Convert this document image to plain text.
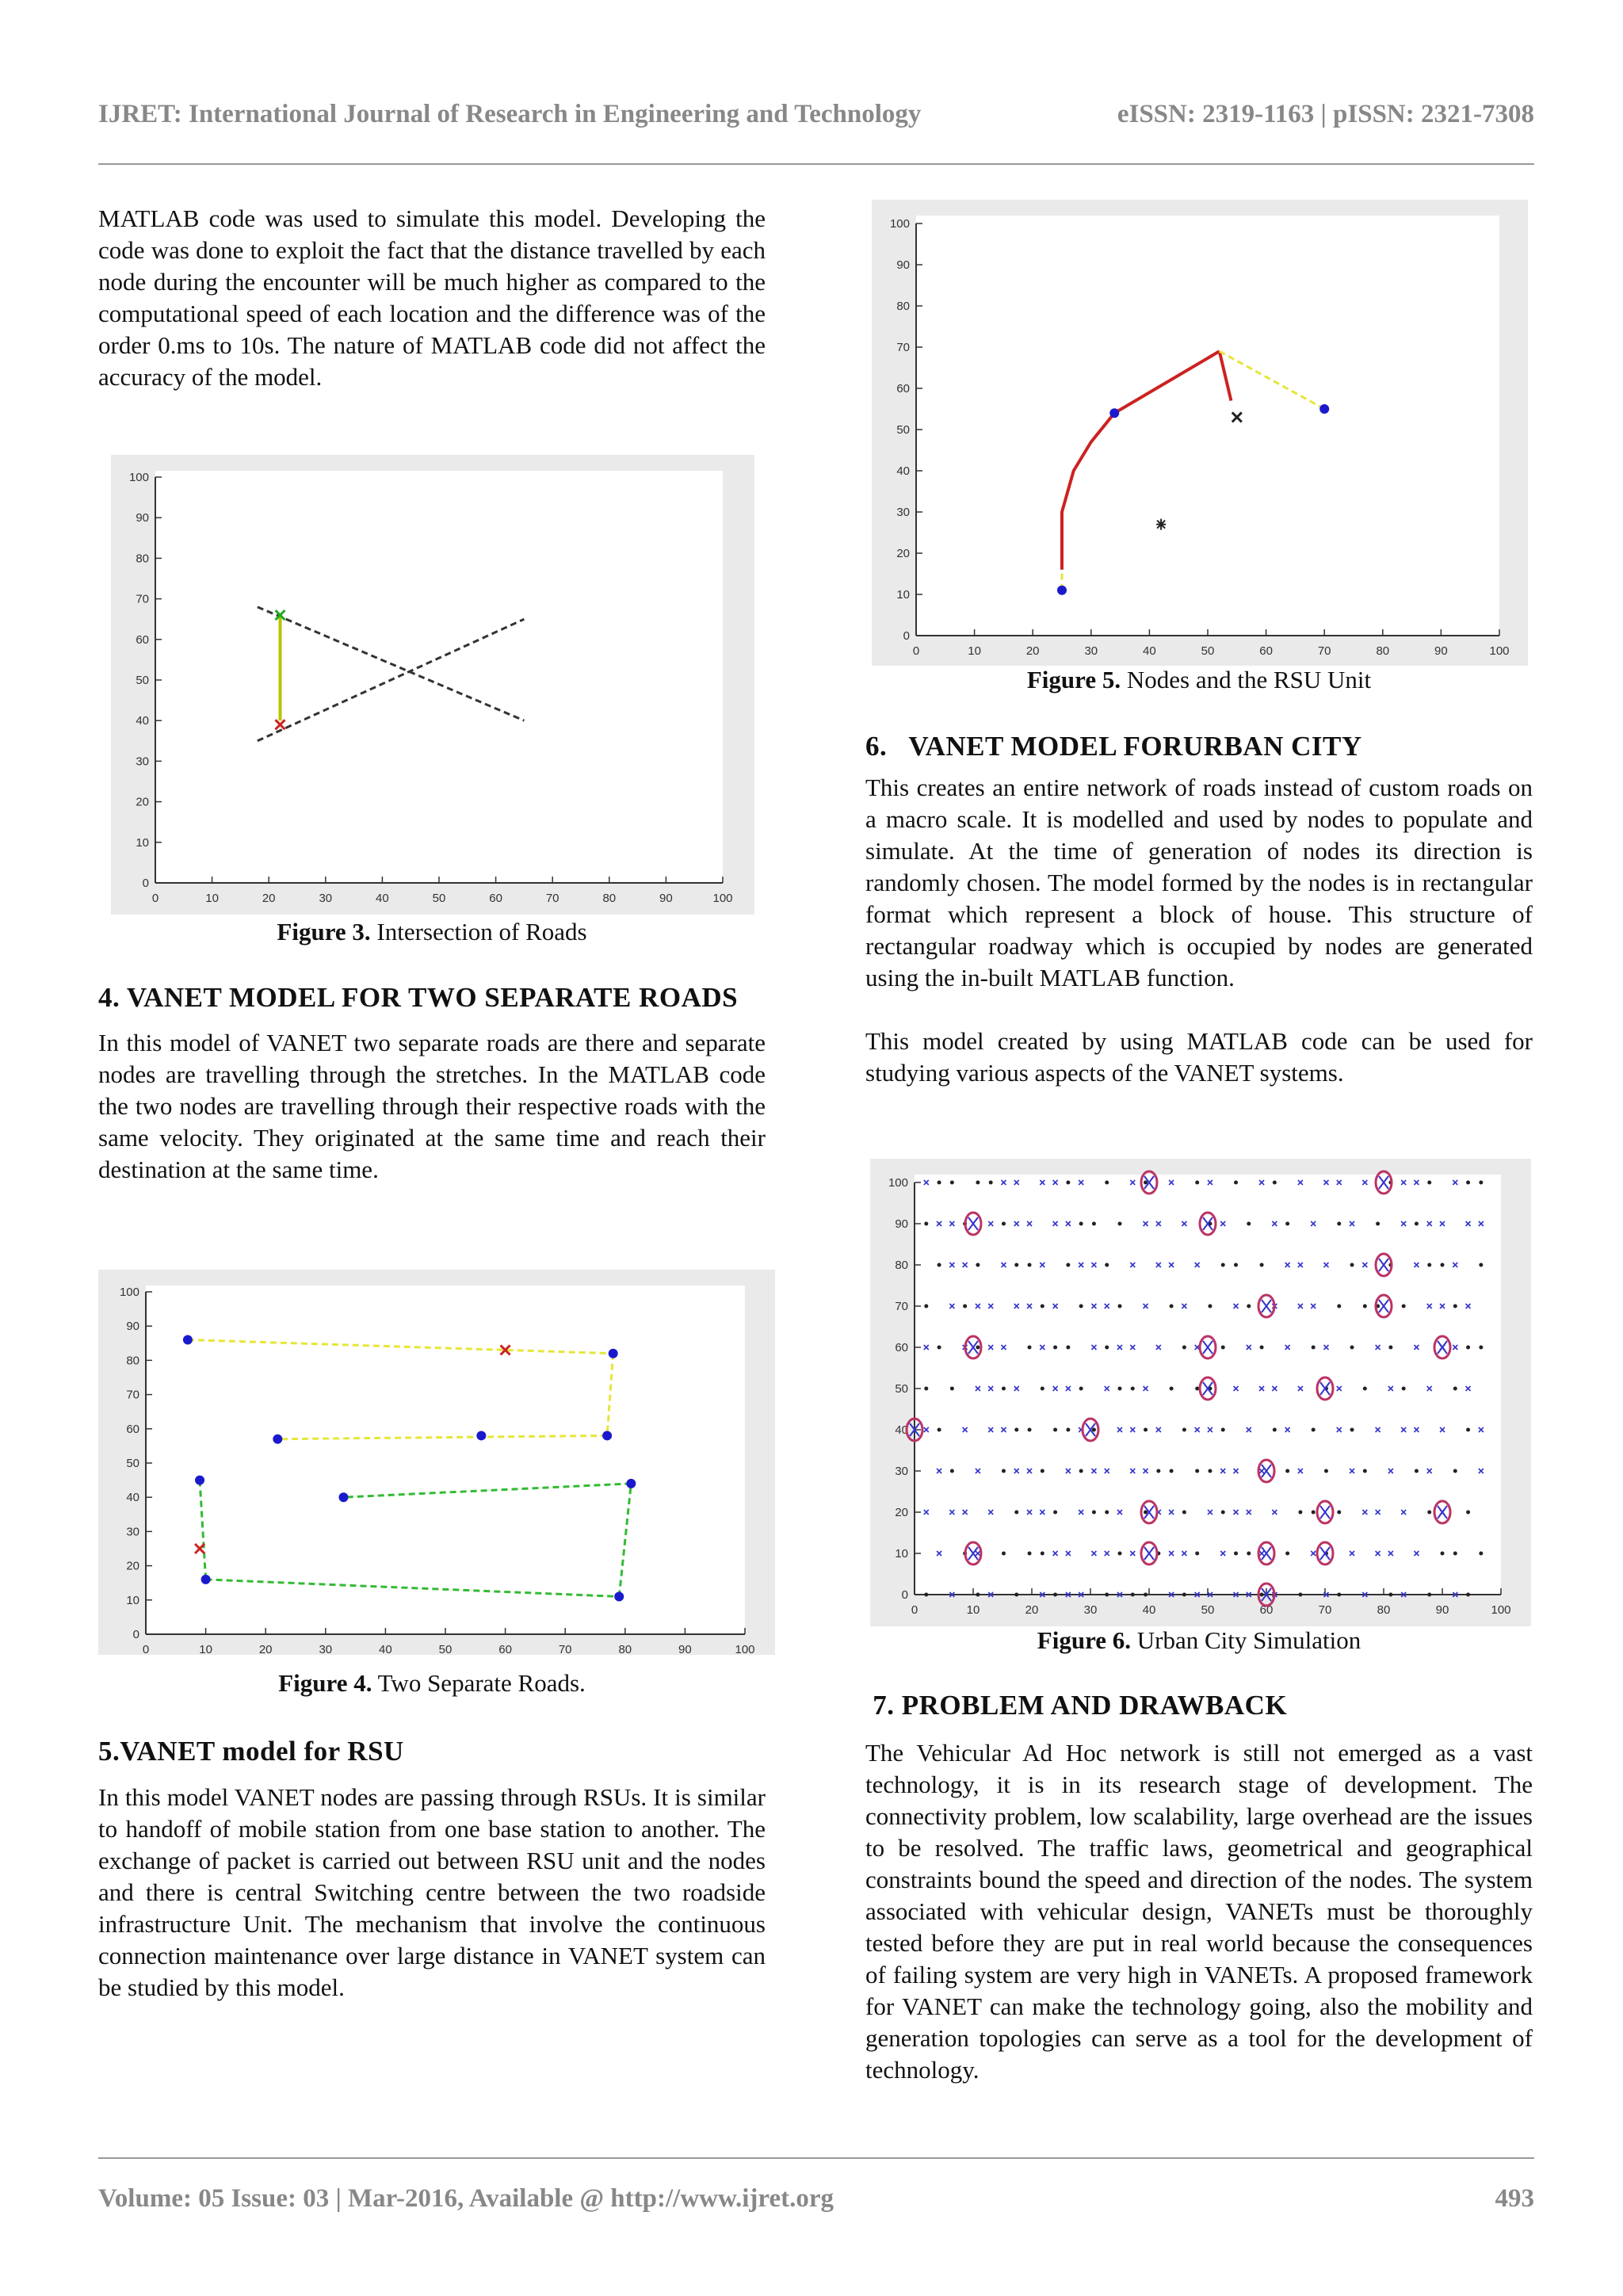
IJRET: International Journal of Research in Engineering and Technology	eISSN: 2319-1163 | pISSN: 2321-7308

MATLAB code was used to simulate this model. Developing the code was done to exploit the fact that the distance travelled by each node during the encounter will be much higher as compared to the computational speed of each location and the difference was of the order 0.ms to 10s. The nature of MATLAB code did not affect the accuracy of the model.

0	10	20	30	40	50	60	70	80	90	100
0
10
20
30
40
50
60
70
80
90
100
Figure 3. Intersection of Roads
4. VANET MODEL FOR TWO SEPARATE ROADS

In this model of VANET two separate roads are there and separate nodes are travelling through the stretches. In the MATLAB code the two nodes are travelling through their respective roads with the same velocity. They originated at the same time and reach their destination at the same time.

0	10	20	30	40	50	60	70	80	90	100
0
10
20
30
40
50
60
70
80
90
100
Figure 4. Two Separate Roads.
5.VANET model for RSU

In this model VANET nodes are passing through RSUs. It is similar to handoff of mobile station from one base station to another. The exchange of packet is carried out between RSU unit and the nodes and there is central Switching centre between the two roadside infrastructure Unit. The mechanism that involve the continuous connection maintenance over large distance in VANET system can be studied by this model.

0	10	20	30	40	50	60	70	80	90	100
0
10
20
30
40
50
60
70
80
90
100
Figure 5. Nodes and the RSU Unit
6.   VANET MODEL FORURBAN CITY

This creates an entire network of roads instead of custom roads on a macro scale. It is modelled and used by nodes to populate and simulate. At the time of generation of nodes its direction is randomly chosen. The model formed by the nodes is in rectangular format which represent a block of house. This structure of rectangular roadway which is occupied by nodes are generated using the in-built MATLAB function.

This model created by using MATLAB code can be used for studying various aspects of the VANET systems.

0	10	20	30	40	50	60	70	80	90	100
0
10
20
30
40
50
60
70
80
90
100
Figure 6. Urban City Simulation
7. PROBLEM AND DRAWBACK

The Vehicular Ad Hoc network is still not emerged as a vast technology, it is in its research stage of development. The connectivity problem, low scalability, large overhead are the issues to be resolved. The traffic laws, geometrical and geographical constraints bound the speed and direction of the nodes. The system associated with vehicular design, VANETs must be thoroughly tested before they are put in real world because the consequences of failing system are very high in VANETs. A proposed framework for VANET can make the technology going, also the mobility and generation topologies can serve as a tool for the development of technology.

Volume: 05 Issue: 03 | Mar-2016, Available @ http://www.ijret.org	493
